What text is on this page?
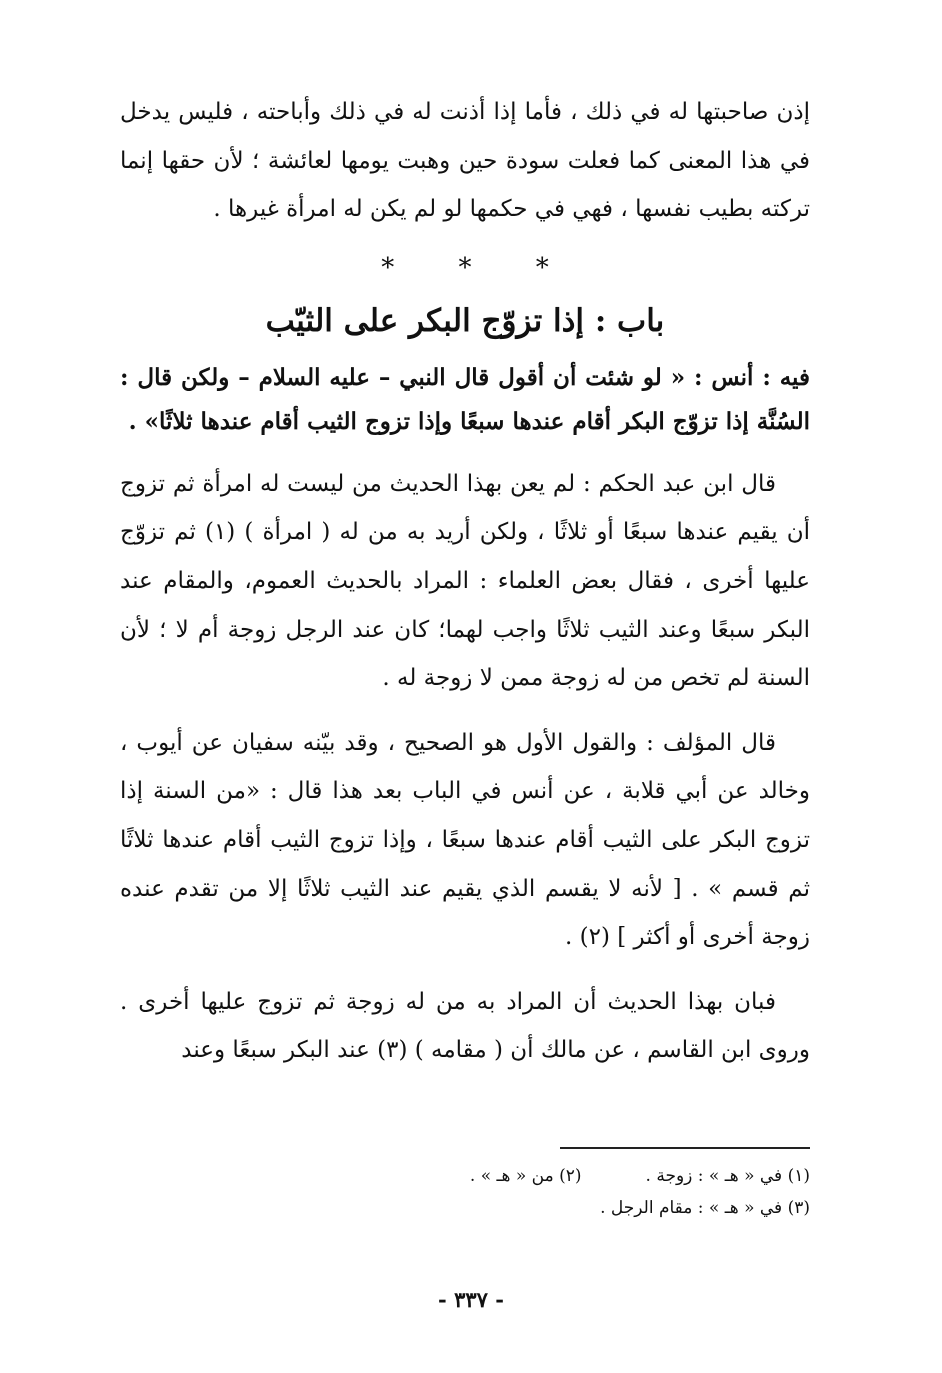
إذن صاحبتها له في ذلك ، فأما إذا أذنت له في ذلك وأباحته ، فليس يدخل في هذا المعنى كما فعلت سودة حين وهبت يومها لعائشة ؛ لأن حقها إنما تركته بطيب نفسها ، فهي في حكمها لو لم يكن له امرأة غيرها .

* * *
باب : إذا تزوّج البكر على الثيّب

فيه : أنس : « لو شئت أن أقول قال النبي – عليه السلام – ولكن قال : السُنَّة إذا تزوّج البكر أقام عندها سبعًا وإذا تزوج الثيب أقام عندها ثلاثًا» .

قال ابن عبد الحكم : لم يعن بهذا الحديث من ليست له امرأة ثم تزوج أن يقيم عندها سبعًا أو ثلاثًا ، ولكن أريد به من له ( امرأة ) (١) ثم تزوّج عليها أخرى ، فقال بعض العلماء : المراد بالحديث العموم، والمقام عند البكر سبعًا وعند الثيب ثلاثًا واجب لهما؛ كان عند الرجل زوجة أم لا ؛ لأن السنة لم تخص من له زوجة ممن لا زوجة له .

قال المؤلف : والقول الأول هو الصحيح ، وقد بيّنه سفيان عن أيوب ، وخالد عن أبي قلابة ، عن أنس في الباب بعد هذا قال : «من السنة إذا تزوج البكر على الثيب أقام عندها سبعًا ، وإذا تزوج الثيب أقام عندها ثلاثًا ثم قسم » . [ لأنه لا يقسم الذي يقيم عند الثيب ثلاثًا إلا من تقدم عنده زوجة أخرى أو أكثر ] (٢) .

فبان بهذا الحديث أن المراد به من له زوجة ثم تزوج عليها أخرى . وروى ابن القاسم ، عن مالك أن ( مقامه ) (٣) عند البكر سبعًا وعند

(١) في « هـ » : زوجة .
(٢) من « هـ » .
(٣) في « هـ » : مقام الرجل .
- ٣٣٧ -
